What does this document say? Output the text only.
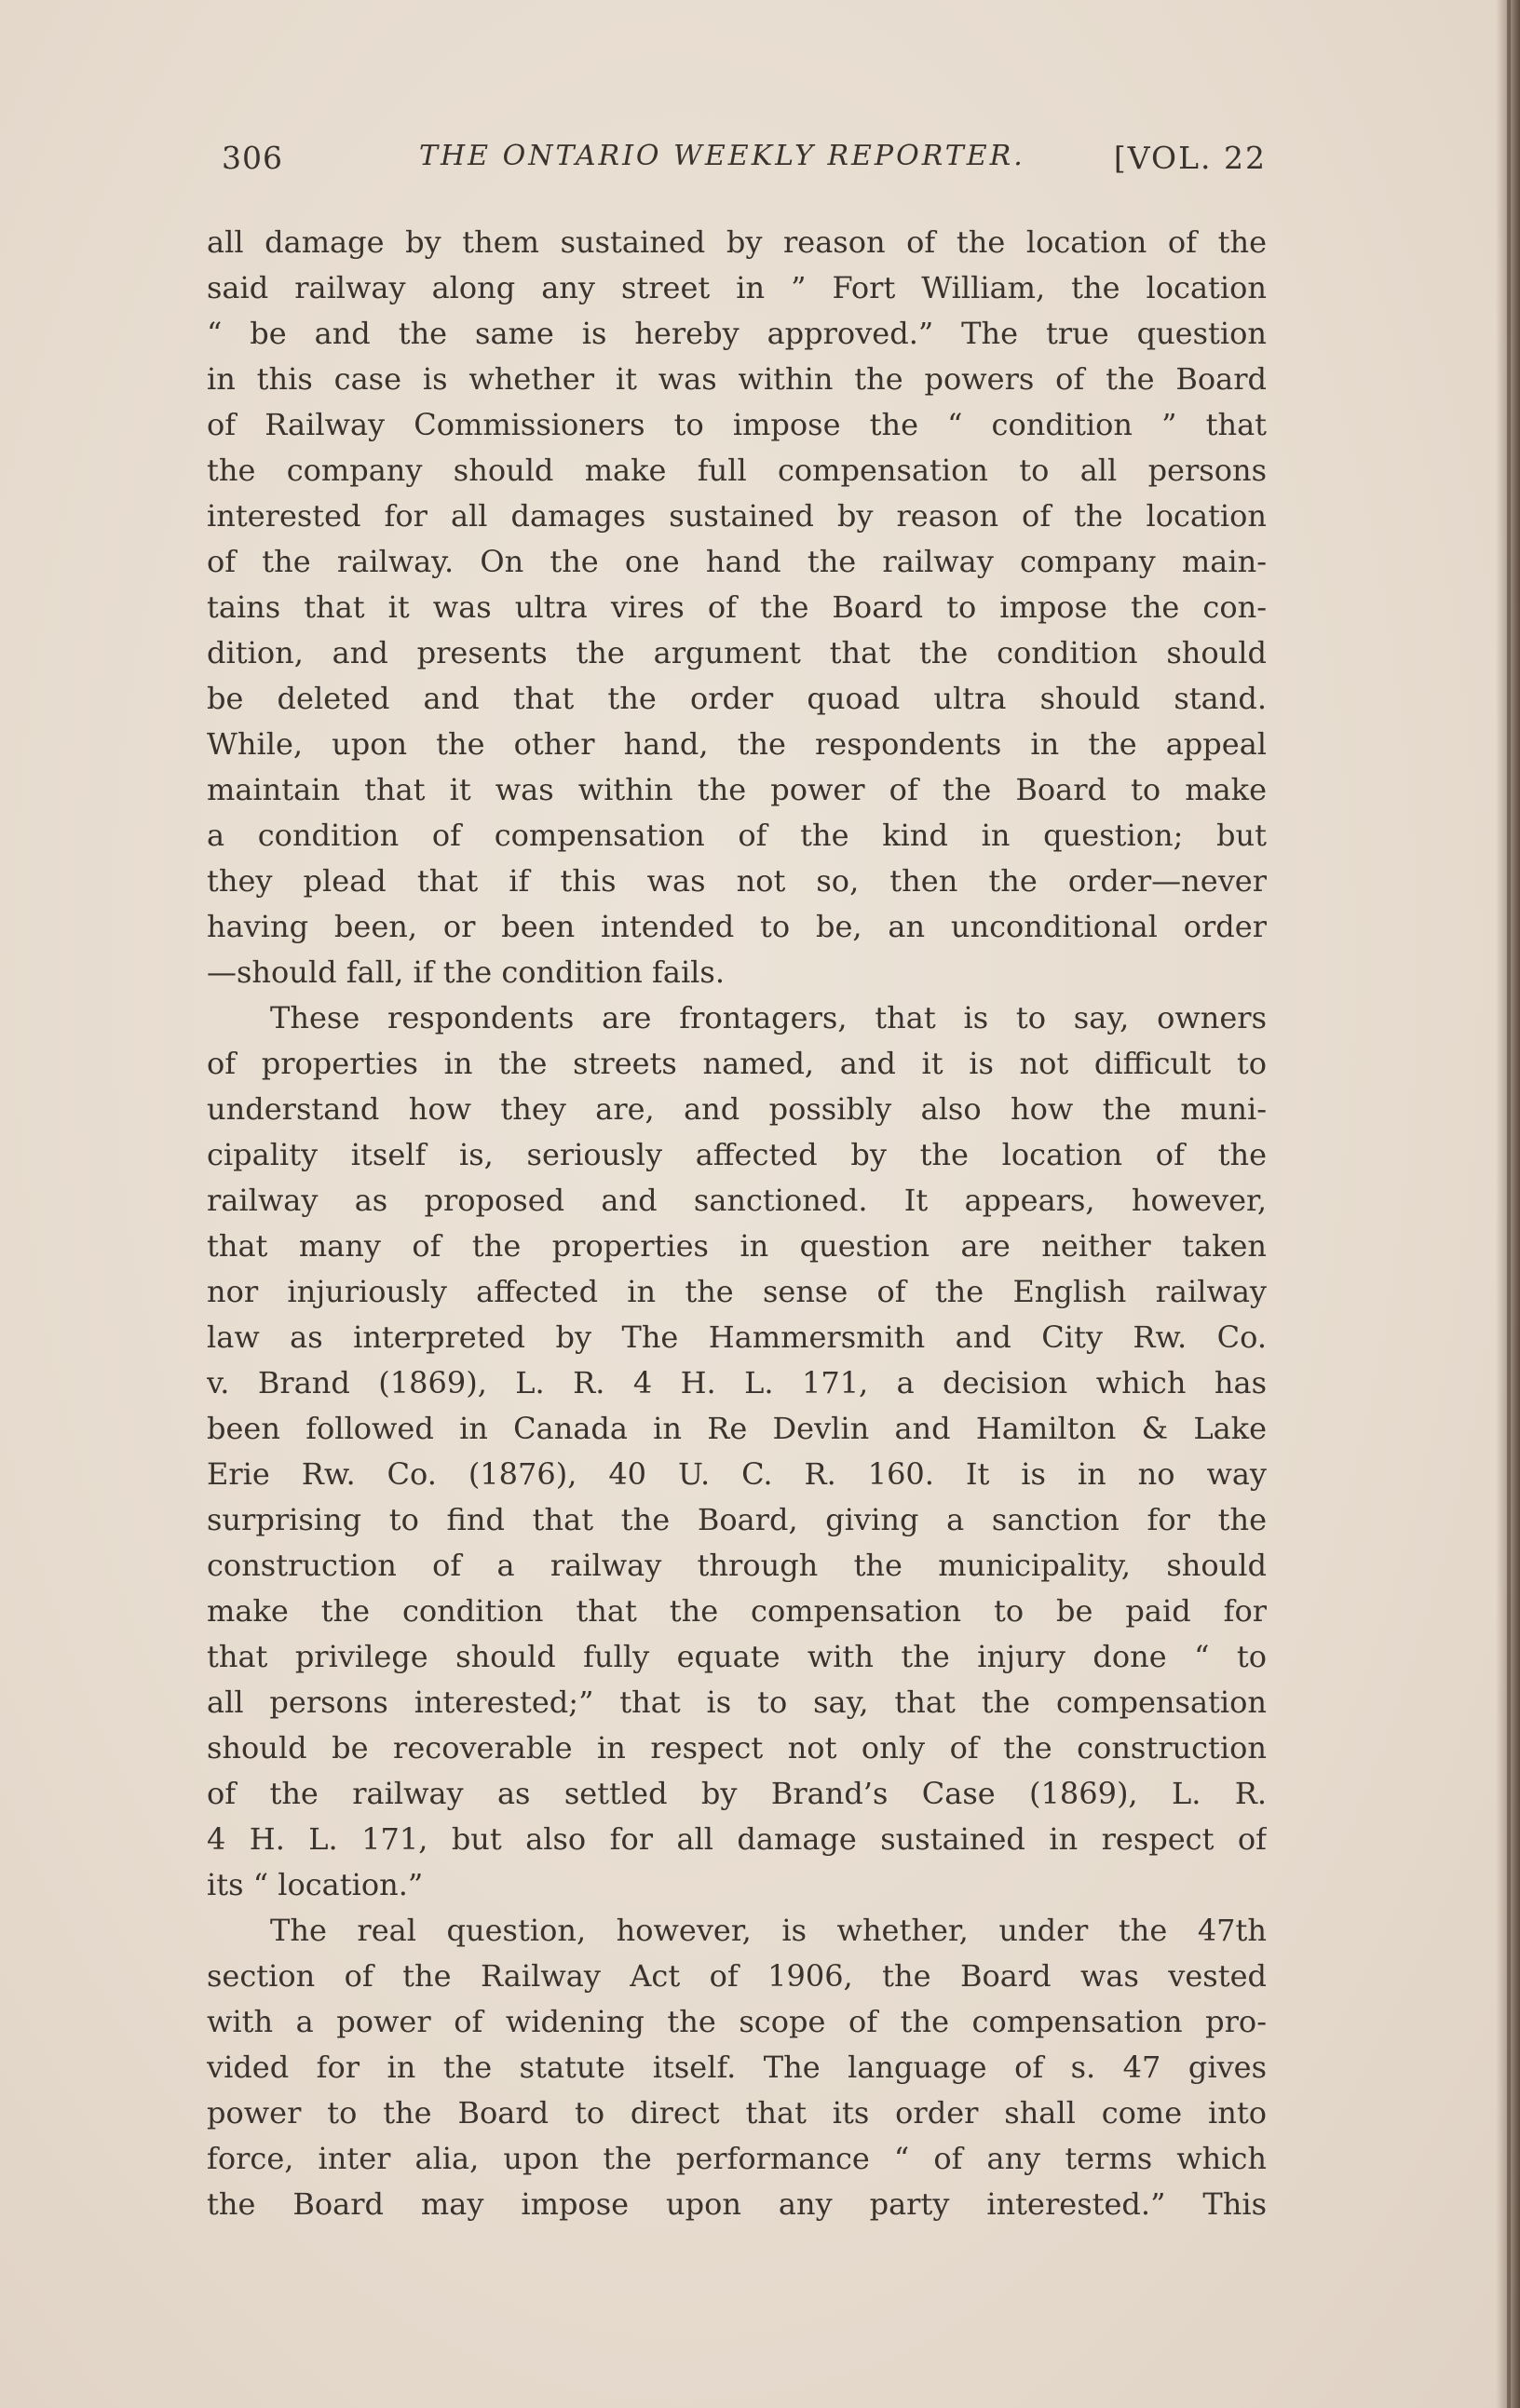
306	THE ONTARIO WEEKLY REPORTER.	[VOL. 22
all damage by them sustained by reason of the location of the
said railway along any street in ” Fort William, the location
“ be and the same is hereby approved.” The true question
in this case is whether it was within the powers of the Board
of Railway Commissioners to impose the “ condition ” that
the company should make full compensation to all persons
interested for all damages sustained by reason of the location
of the railway. On the one hand the railway company main-
tains that it was ultra vires of the Board to impose the con-
dition, and presents the argument that the condition should
be deleted and that the order quoad ultra should stand.
While, upon the other hand, the respondents in the appeal
maintain that it was within the power of the Board to make
a condition of compensation of the kind in question; but
they plead that if this was not so, then the order—never
having been, or been intended to be, an unconditional order
—should fall, if the condition fails.
These respondents are frontagers, that is to say, owners
of properties in the streets named, and it is not difficult to
understand how they are, and possibly also how the muni-
cipality itself is, seriously affected by the location of the
railway as proposed and sanctioned. It appears, however,
that many of the properties in question are neither taken
nor injuriously affected in the sense of the English railway
law as interpreted by The Hammersmith and City Rw. Co.
v. Brand (1869), L. R. 4 H. L. 171, a decision which has
been followed in Canada in Re Devlin and Hamilton & Lake
Erie Rw. Co. (1876), 40 U. C. R. 160. It is in no way
surprising to find that the Board, giving a sanction for the
construction of a railway through the municipality, should
make the condition that the compensation to be paid for
that privilege should fully equate with the injury done “ to
all persons interested;” that is to say, that the compensation
should be recoverable in respect not only of the construction
of the railway as settled by Brand’s Case (1869), L. R.
4 H. L. 171, but also for all damage sustained in respect of
its “ location.”
The real question, however, is whether, under the 47th
section of the Railway Act of 1906, the Board was vested
with a power of widening the scope of the compensation pro-
vided for in the statute itself. The language of s. 47 gives
power to the Board to direct that its order shall come into
force, inter alia, upon the performance “ of any terms which
the Board may impose upon any party interested.” This
